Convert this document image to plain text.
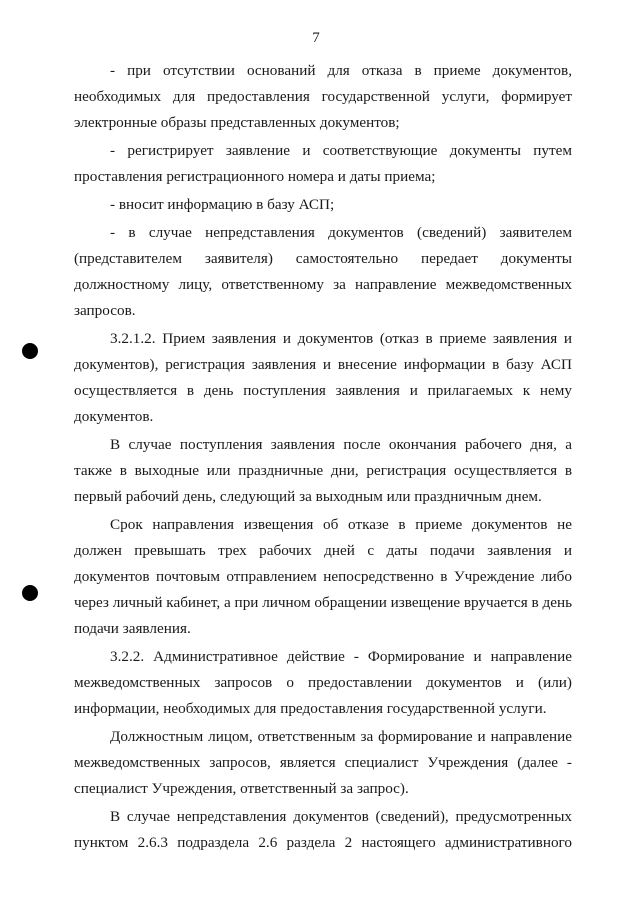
7

- при отсутствии оснований для отказа в приеме документов, необходимых для предоставления государственной услуги, формирует электронные образы представленных документов;

- регистрирует заявление и соответствующие документы путем проставления регистрационного номера и даты приема;

- вносит информацию в базу АСП;

- в случае непредставления документов (сведений) заявителем (представителем заявителя) самостоятельно передает документы должностному лицу, ответственному за направление межведомственных запросов.

3.2.1.2. Прием заявления и документов (отказ в приеме заявления и документов), регистрация заявления и внесение информации в базу АСП осуществляется в день поступления заявления и прилагаемых к нему документов.

В случае поступления заявления после окончания рабочего дня, а также в выходные или праздничные дни, регистрация осуществляется в первый рабочий день, следующий за выходным или праздничным днем.

Срок направления извещения об отказе в приеме документов не должен превышать трех рабочих дней с даты подачи заявления и документов почтовым отправлением непосредственно в Учреждение либо через личный кабинет, а при личном обращении извещение вручается в день подачи заявления.

3.2.2. Административное действие - Формирование и направление межведомственных запросов о предоставлении документов и (или) информации, необходимых для предоставления государственной услуги.

Должностным лицом, ответственным за формирование и направление межведомственных запросов, является специалист Учреждения (далее - специалист Учреждения, ответственный за запрос).

В случае непредставления документов (сведений), предусмотренных пунктом 2.6.3 подраздела 2.6 раздела 2 настоящего административного
